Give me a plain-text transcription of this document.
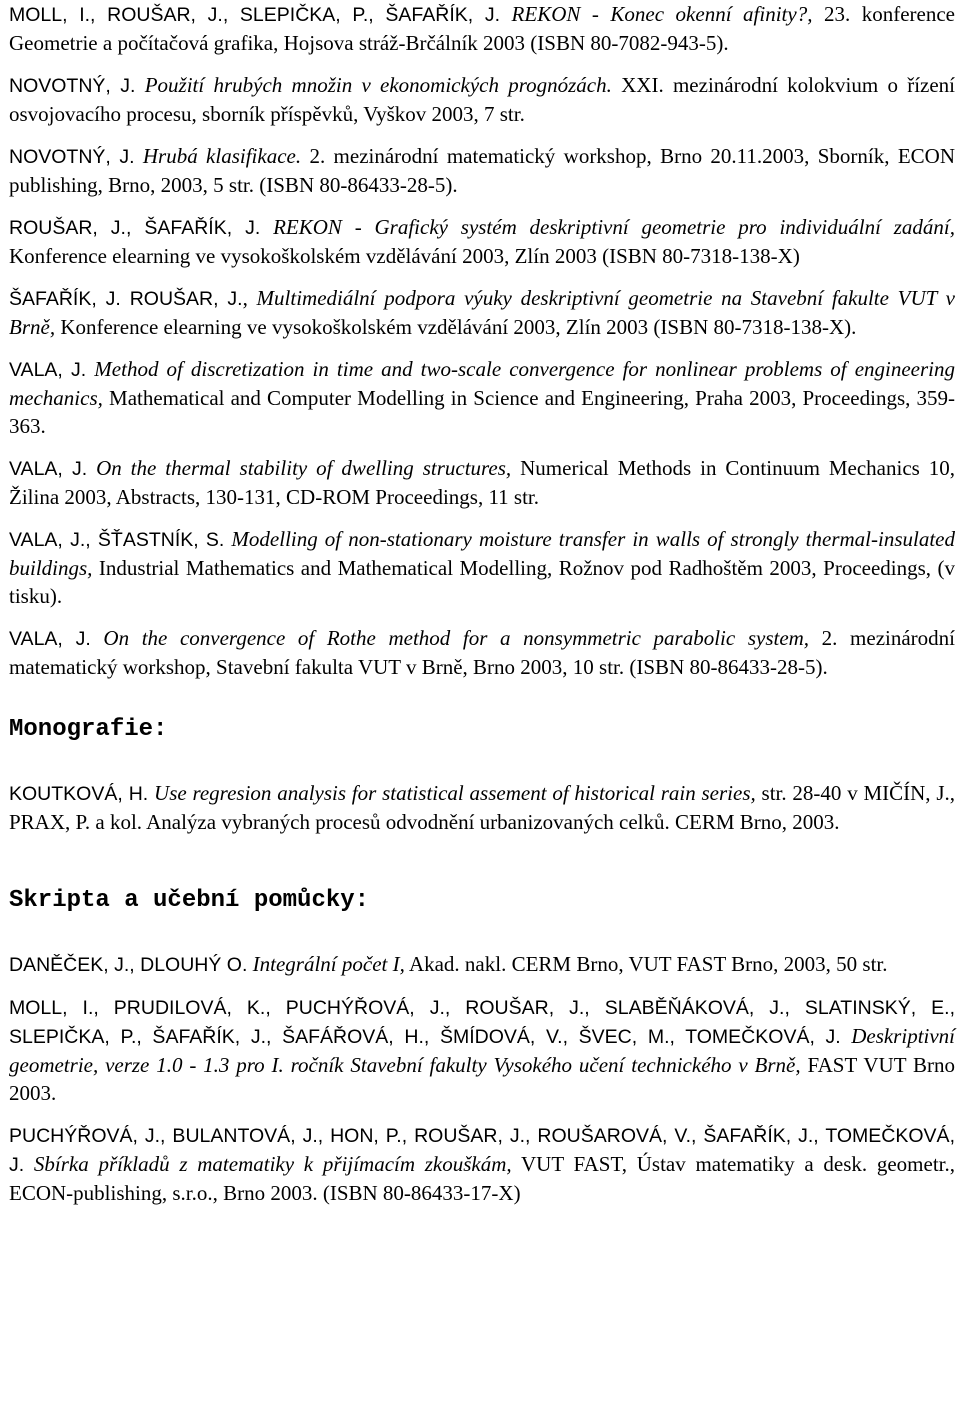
MOLL, I., ROUŠAR, J., SLEPIČKA, P., ŠAFAŘÍK, J. REKON - Konec okenní afinity?, 23. konference Geometrie a počítačová grafika, Hojsova stráž-Brčálník 2003 (ISBN 80-7082-943-5).

NOVOTNÝ, J. Použití hrubých množin v ekonomických prognózách. XXI. mezinárodní kolokvium o řízení osvojovacího procesu, sborník příspěvků, Vyškov 2003, 7 str.

NOVOTNÝ, J. Hrubá klasifikace. 2. mezinárodní matematický workshop, Brno 20.11.2003, Sborník, ECON publishing, Brno, 2003, 5 str. (ISBN 80-86433-28-5).

ROUŠAR, J., ŠAFAŘÍK, J. REKON - Grafický systém deskriptivní geometrie pro individuální zadání, Konference elearning ve vysokoškolském vzdělávání 2003, Zlín 2003 (ISBN 80-7318-138-X)

ŠAFAŘÍK, J. ROUŠAR, J., Multimediální podpora výuky deskriptivní geometrie na Stavební fakulte VUT v Brně, Konference elearning ve vysokoškolském vzdělávání 2003, Zlín 2003 (ISBN 80-7318-138-X).

VALA, J. Method of discretization in time and two-scale convergence for nonlinear problems of engineering mechanics, Mathematical and Computer Modelling in Science and Engineering, Praha 2003, Proceedings, 359-363.

VALA, J. On the thermal stability of dwelling structures, Numerical Methods in Continuum Mechanics 10, Žilina 2003, Abstracts, 130-131, CD-ROM Proceedings, 11 str.

VALA, J., ŠŤASTNÍK, S. Modelling of non-stationary moisture transfer in walls of strongly thermal-insulated buildings, Industrial Mathematics and Mathematical Modelling, Rožnov pod Radhoštěm 2003, Proceedings, (v tisku).

VALA, J. On the convergence of Rothe method for a nonsymmetric parabolic system, 2. mezinárodní matematický workshop, Stavební fakulta VUT v Brně, Brno 2003, 10 str. (ISBN 80-86433-28-5).

Monografie:

KOUTKOVÁ, H. Use regresion analysis for statistical assement of historical rain series, str. 28-40 v MIČÍN, J., PRAX, P. a kol. Analýza vybraných procesů odvodnění urbanizovaných celků. CERM Brno, 2003.

Skripta a učební pomůcky:

DANĚČEK, J., DLOUHÝ O. Integrální počet I, Akad. nakl. CERM Brno, VUT FAST Brno, 2003, 50 str.

MOLL, I., PRUDILOVÁ, K., PUCHÝŘOVÁ, J., ROUŠAR, J., SLABĚŇÁKOVÁ, J., SLATINSKÝ, E., SLEPIČKA, P., ŠAFAŘÍK, J., ŠAFÁŘOVÁ, H., ŠMÍDOVÁ, V., ŠVEC, M., TOMEČKOVÁ, J. Deskriptivní geometrie, verze 1.0 - 1.3 pro I. ročník Stavební fakulty Vysokého učení technického v Brně, FAST VUT Brno 2003.

PUCHÝŘOVÁ, J., BULANTOVÁ, J., HON, P., ROUŠAR, J., ROUŠAROVÁ, V., ŠAFAŘÍK, J., TOMEČKOVÁ, J. Sbírka příkladů z matematiky k přijímacím zkouškám, VUT FAST, Ústav matematiky a desk. geometr., ECON-publishing, s.r.o., Brno 2003. (ISBN 80-86433-17-X)
